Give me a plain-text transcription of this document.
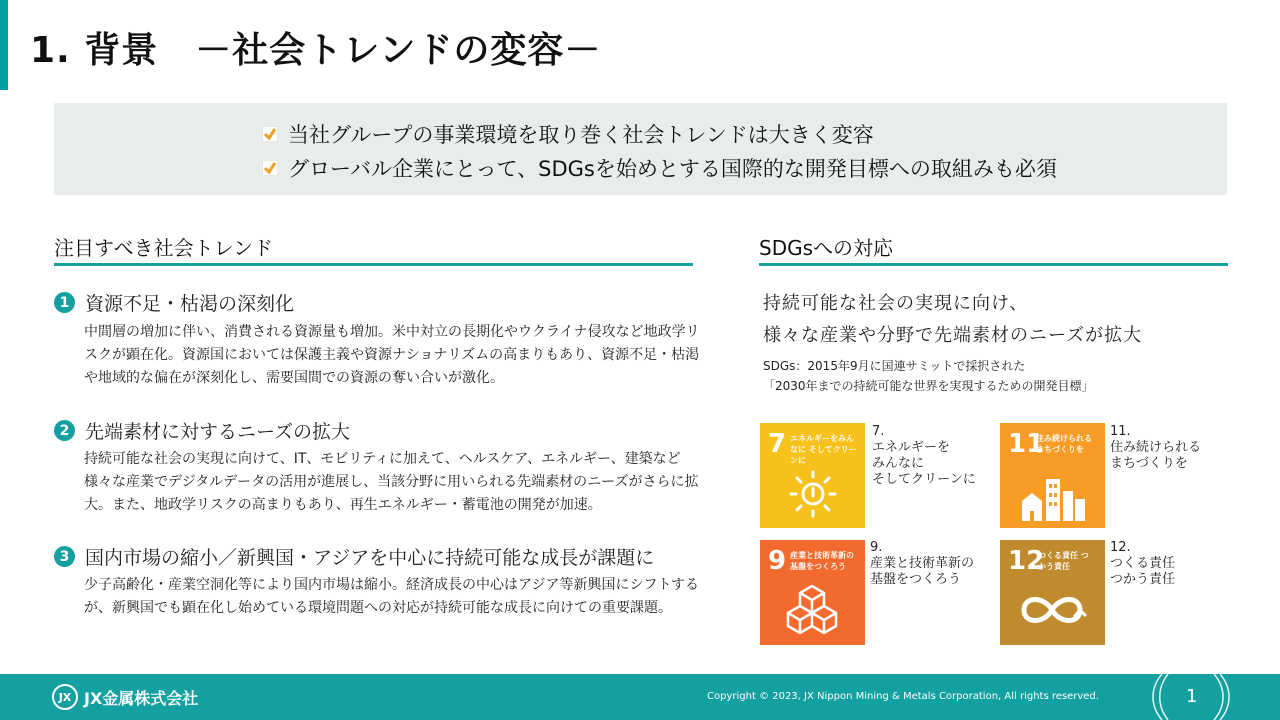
1. 背景　－社会トレンドの変容－
当社グループの事業環境を取り巻く社会トレンドは大きく変容
グローバル企業にとって、SDGsを始めとする国際的な開発目標への取組みも必須
注目すべき社会トレンド
1 資源不足・枯渇の深刻化
中間層の増加に伴い、消費される資源量も増加。米中対立の長期化やウクライナ侵攻など地政学リスクが顕在化。資源国においては保護主義や資源ナショナリズムの高まりもあり、資源不足・枯渇や地域的な偏在が深刻化し、需要国間での資源の奪い合いが激化。
2 先端素材に対するニーズの拡大
持続可能な社会の実現に向けて、IT、モビリティに加えて、ヘルスケア、エネルギー、建築など様々な産業でデジタルデータの活用が進展し、当該分野に用いられる先端素材のニーズがさらに拡大。また、地政学リスクの高まりもあり、再生エネルギー・蓄電池の開発が加速。
3 国内市場の縮小／新興国・アジアを中心に持続可能な成長が課題に
少子高齢化・産業空洞化等により国内市場は縮小。経済成長の中心はアジア等新興国にシフトするが、新興国でも顕在化し始めている環境問題への対応が持続可能な成長に向けての重要課題。
SDGsへの対応
持続可能な社会の実現に向け、
様々な産業や分野で先端素材のニーズが拡大
SDGs：2015年9月に国連サミットで採択された
「2030年までの持続可能な世界を実現するための開発目標」
7 エネルギーをみんなに そしてクリーンに
7.
エネルギーを
みんなに
そしてクリーンに
11
住み続けられる まちづくりを
11.
住み続けられる
まちづくりを
9 産業と技術革新の 基盤をつくろう
9.
産業と技術革新の
基盤をつくろう
12
つくる責任 つかう責任
12.
つくる責任
つかう責任
JX JX金属株式会社	Copyright © 2023, JX Nippon Mining & Metals Corporation, All rights reserved.	1
